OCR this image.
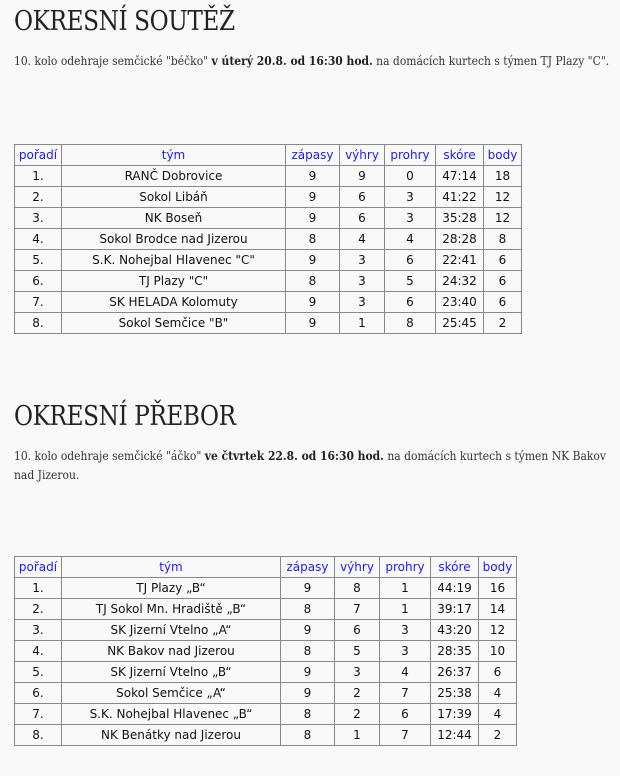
OKRESNÍ SOUTĚŽ

10. kolo odehraje semčické "béčko" v úterý 20.8. od 16:30 hod. na domácích kurtech s týmen TJ Plazy "C".

pořadí	tým	zápasy	výhry	prohry	skóre	body
1.	RANČ Dobrovice	9	9	0	47:14	18
2.	Sokol Libáň	9	6	3	41:22	12
3.	NK Boseň	9	6	3	35:28	12
4.	Sokol Brodce nad Jizerou	8	4	4	28:28	8
5.	S.K. Nohejbal Hlavenec "C"	9	3	6	22:41	6
6.	TJ Plazy "C"	8	3	5	24:32	6
7.	SK HELADA Kolomuty	9	3	6	23:40	6
8.	Sokol Semčice "B"	9	1	8	25:45	2
OKRESNÍ PŘEBOR

10. kolo odehraje semčické "áčko" ve čtvrtek 22.8. od 16:30 hod. na domácích kurtech s týmen NK Bakov nad Jizerou.

pořadí	tým	zápasy	výhry	prohry	skóre	body
1.	TJ Plazy „B“	9	8	1	44:19	16
2.	TJ Sokol Mn. Hradiště „B“	8	7	1	39:17	14
3.	SK Jizerní Vtelno „A“	9	6	3	43:20	12
4.	NK Bakov nad Jizerou	8	5	3	28:35	10
5.	SK Jizerní Vtelno „B“	9	3	4	26:37	6
6.	Sokol Semčice „A“	9	2	7	25:38	4
7.	S.K. Nohejbal Hlavenec „B“	8	2	6	17:39	4
8.	NK Benátky nad Jizerou	8	1	7	12:44	2
